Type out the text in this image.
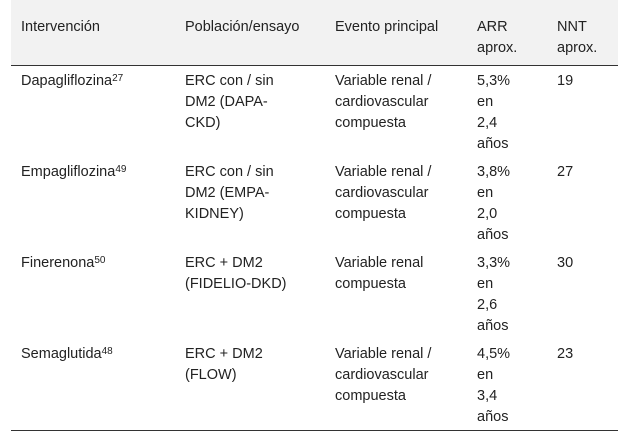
Intervención	Población/ensayo	Evento principal	ARR aprox.	NNT aprox.
Dapagliflozina$^{27}$	ERC con / sin DM2 (DAPA-CKD)	Variable renal / cardiovascular compuesta	5,3% en 2,4 años	19
Empagliflozina$^{49}$	ERC con / sin DM2 (EMPA-KIDNEY)	Variable renal / cardiovascular compuesta	3,8% en 2,0 años	27
Finerenona$^{50}$	ERC + DM2 (FIDELIO-DKD)	Variable renal compuesta	3,3% en 2,6 años	30
Semaglutida$^{48}$	ERC + DM2 (FLOW)	Variable renal / cardiovascular compuesta	4,5% en 3,4 años	23
